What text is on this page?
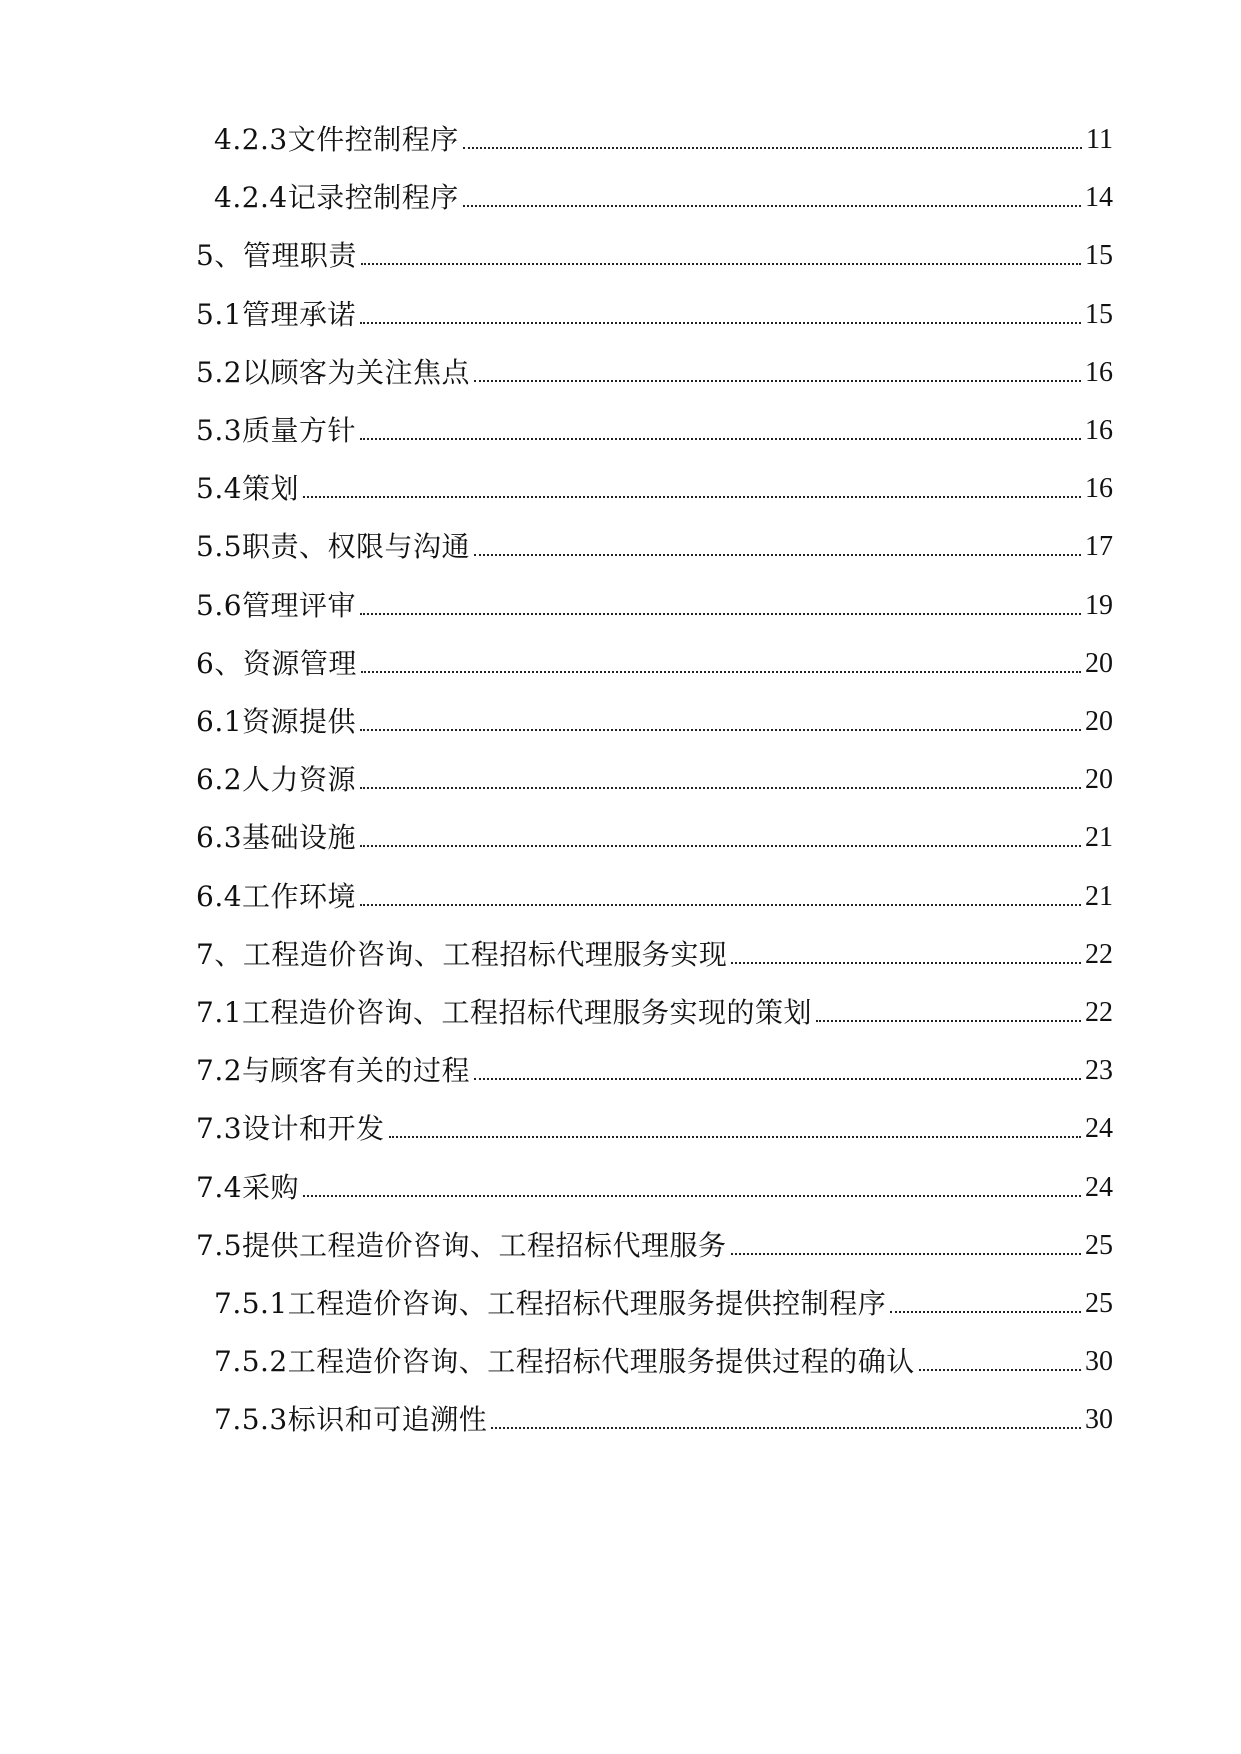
4.2.3文件控制程序	11
4.2.4记录控制程序	14
5、管理职责	15
5.1管理承诺	15
5.2以顾客为关注焦点	16
5.3质量方针	16
5.4策划	16
5.5职责、权限与沟通	17
5.6管理评审	19
6、资源管理	20
6.1资源提供	20
6.2人力资源	20
6.3基础设施	21
6.4工作环境	21
7、工程造价咨询、工程招标代理服务实现	22
7.1工程造价咨询、工程招标代理服务实现的策划	22
7.2与顾客有关的过程	23
7.3设计和开发	24
7.4采购	24
7.5提供工程造价咨询、工程招标代理服务	25
7.5.1工程造价咨询、工程招标代理服务提供控制程序	25
7.5.2工程造价咨询、工程招标代理服务提供过程的确认	30
7.5.3标识和可追溯性	30
